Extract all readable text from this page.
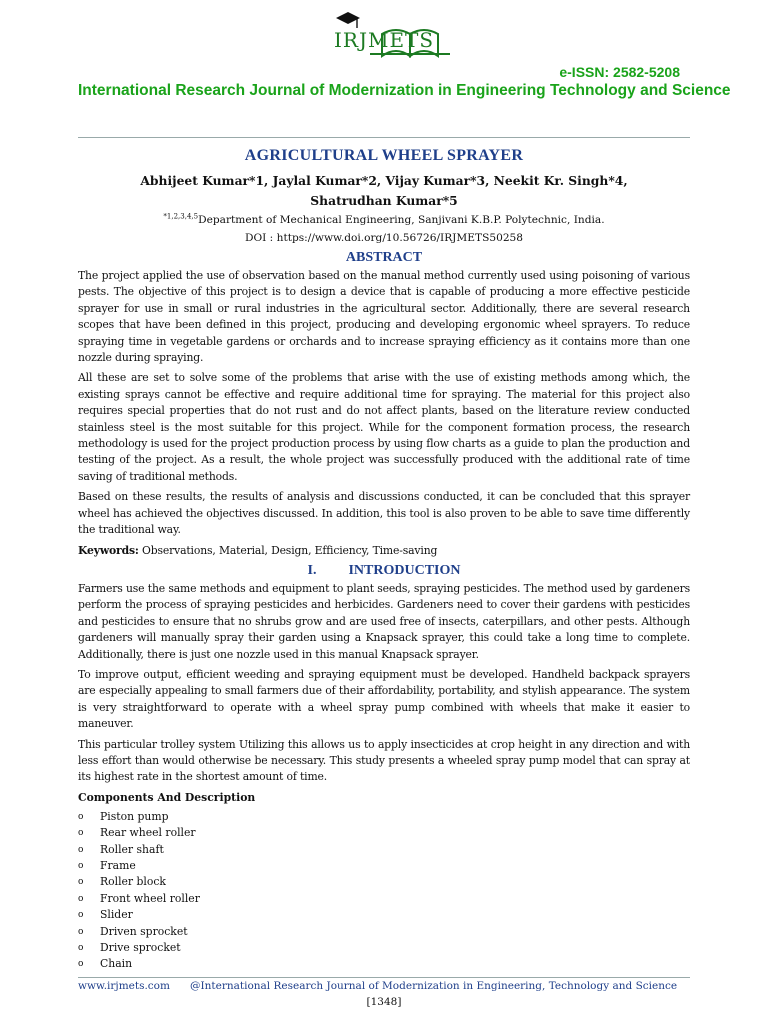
IRJMETS
e-ISSN: 2582-5208
International Research Journal of Modernization in Engineering Technology and Science
AGRICULTURAL WHEEL SPRAYER
Abhijeet Kumar*1, Jaylal Kumar*2, Vijay Kumar*3, Neekit Kr. Singh*4,
Shatrudhan Kumar*5
$^{*1,2,3,4,5}$Department of Mechanical Engineering, Sanjivani K.B.P. Polytechnic, India.
DOI : https://www.doi.org/10.56726/IRJMETS50258
ABSTRACT

The project applied the use of observation based on the manual method currently used using poisoning of various pests. The objective of this project is to design a device that is capable of producing a more effective pesticide sprayer for use in small or rural industries in the agricultural sector. Additionally, there are several research scopes that have been defined in this project, producing and developing ergonomic wheel sprayers. To reduce spraying time in vegetable gardens or orchards and to increase spraying efficiency as it contains more than one nozzle during spraying.

All these are set to solve some of the problems that arise with the use of existing methods among which, the existing sprays cannot be effective and require additional time for spraying. The material for this project also requires special properties that do not rust and do not affect plants, based on the literature review conducted stainless steel is the most suitable for this project. While for the component formation process, the research methodology is used for the project production process by using flow charts as a guide to plan the production and testing of the project. As a result, the whole project was successfully produced with the additional rate of time saving of traditional methods.

Based on these results, the results of analysis and discussions conducted, it can be concluded that this sprayer wheel has achieved the objectives discussed. In addition, this tool is also proven to be able to save time differently the traditional way.

Keywords: Observations, Material, Design, Efficiency, Time-saving

I. INTRODUCTION

Farmers use the same methods and equipment to plant seeds, spraying pesticides. The method used by gardeners perform the process of spraying pesticides and herbicides. Gardeners need to cover their gardens with pesticides and pesticides to ensure that no shrubs grow and are used free of insects, caterpillars, and other pests. Although gardeners will manually spray their garden using a Knapsack sprayer, this could take a long time to complete. Additionally, there is just one nozzle used in this manual Knapsack sprayer.

To improve output, efficient weeding and spraying equipment must be developed. Handheld backpack sprayers are especially appealing to small farmers due of their affordability, portability, and stylish appearance. The system is very straightforward to operate with a wheel spray pump combined with wheels that make it easier to maneuver.

This particular trolley system Utilizing this allows us to apply insecticides at crop height in any direction and with less effort than would otherwise be necessary. This study presents a wheeled spray pump model that can spray at its highest rate in the shortest amount of time.

Components And Description
o	Piston pump
o	Rear wheel roller
o	Roller shaft
o	Frame
o	Roller block
o	Front wheel roller
o	Slider
o	Driven sprocket
o	Drive sprocket
o	Chain
www.irjmets.com @International Research Journal of Modernization in Engineering, Technology and Science
[1348]
